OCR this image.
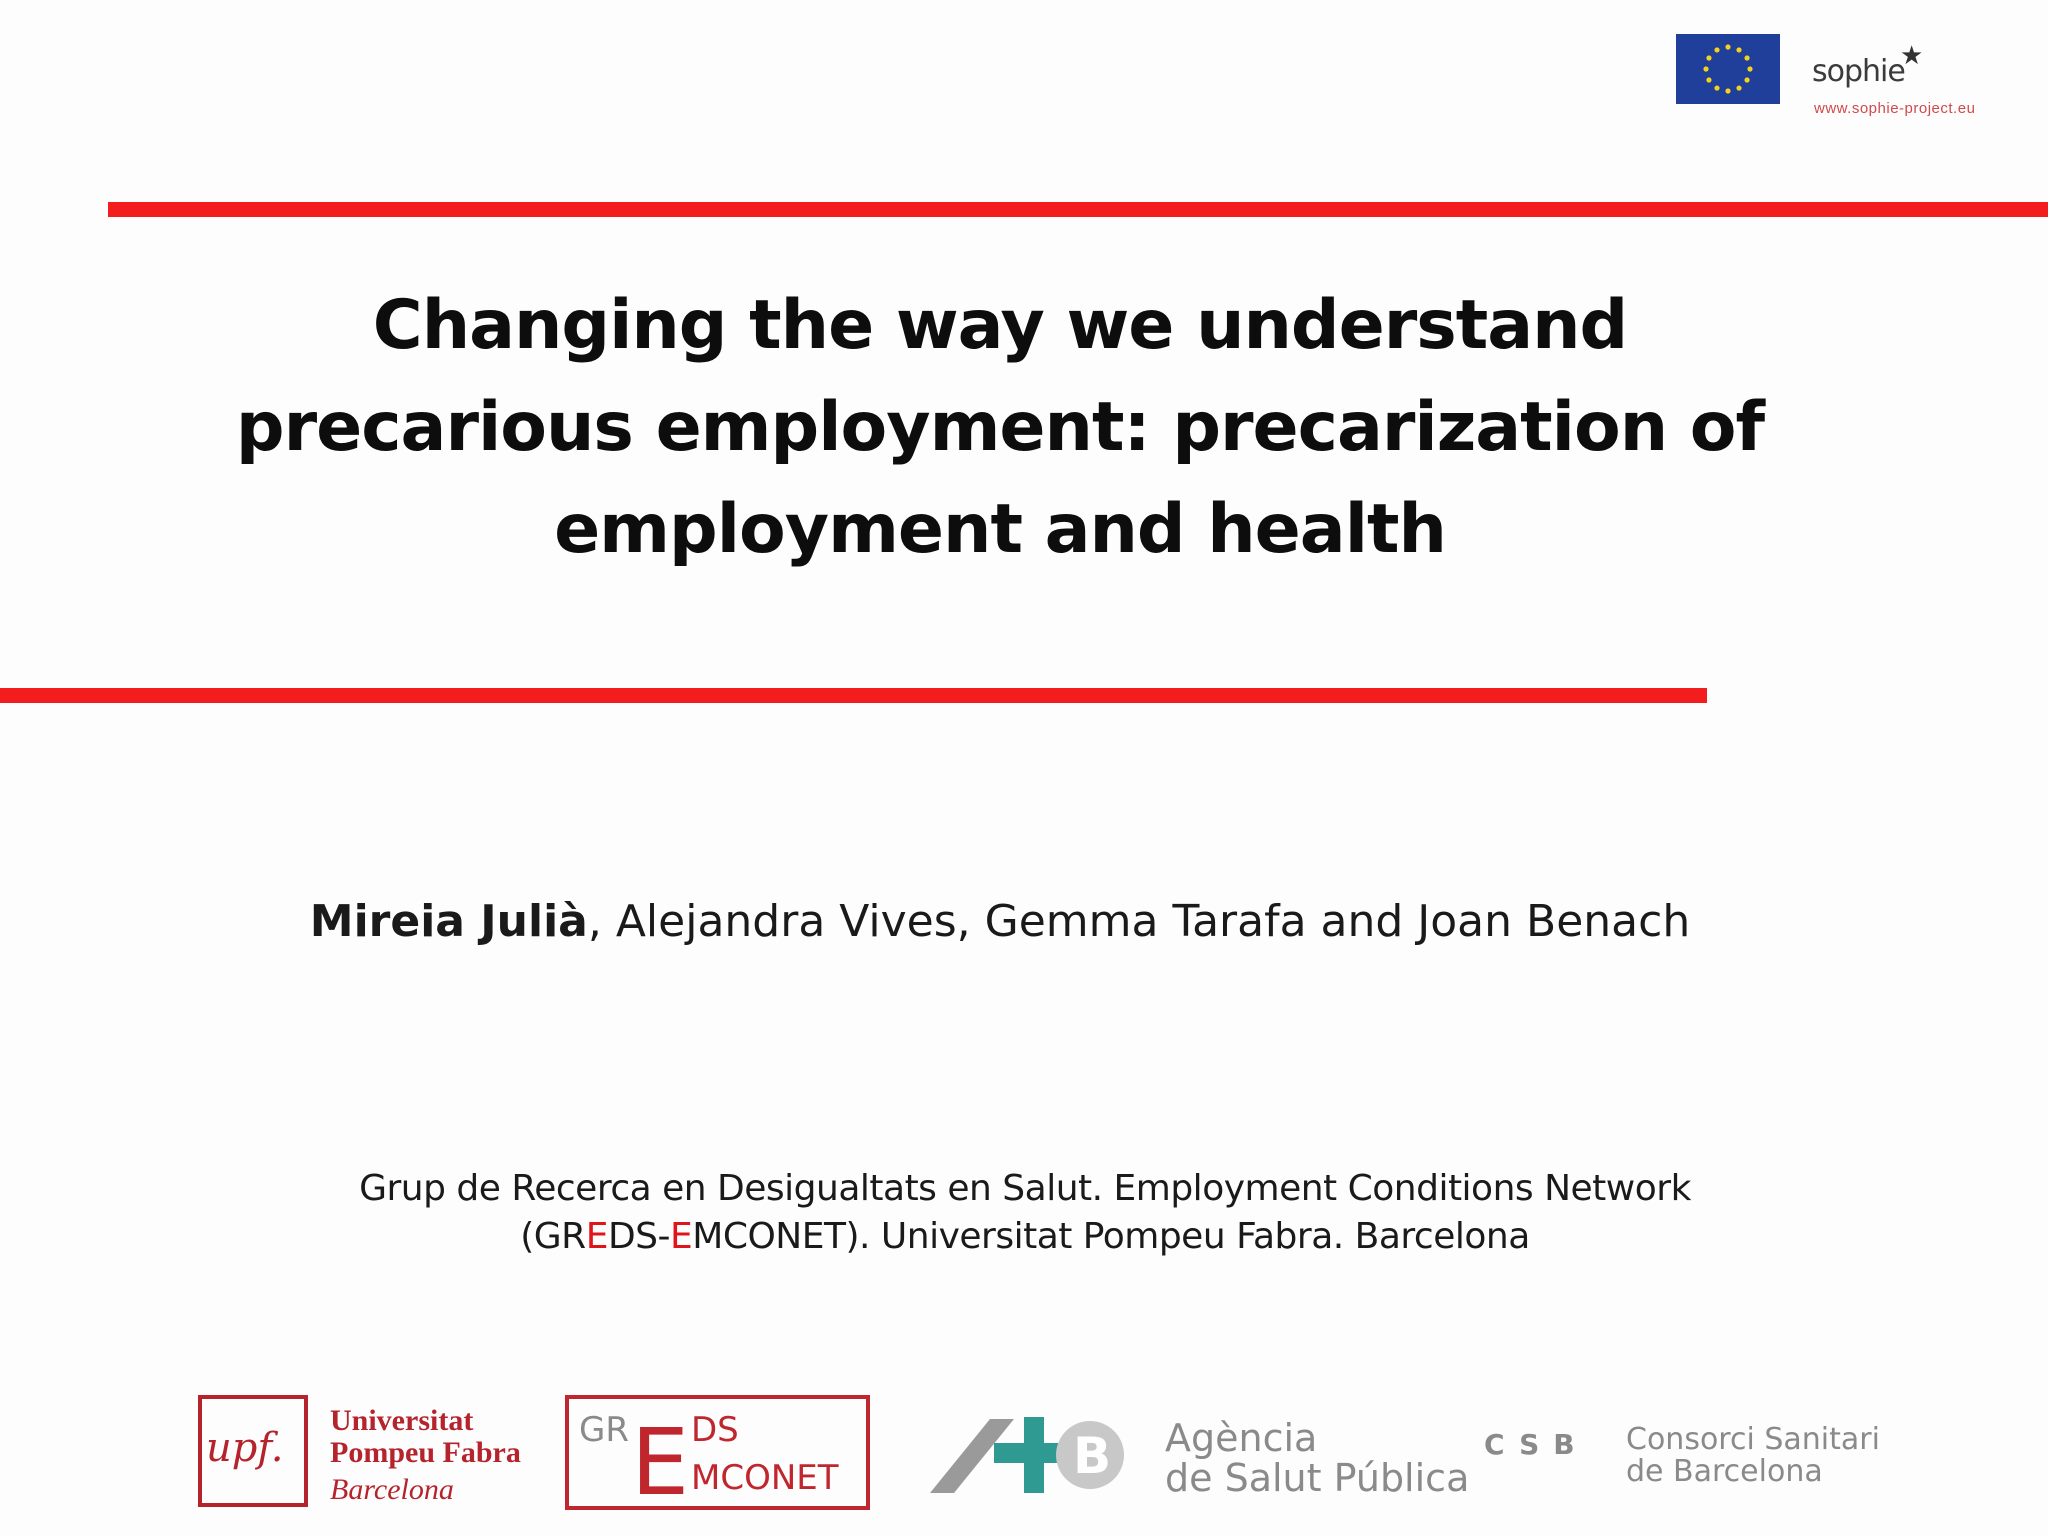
sophie
★
www.sophie-project.eu
Changing the way we understand
precarious employment: precarization of
employment and health
Mireia Julià, Alejandra Vives, Gemma Tarafa and Joan Benach
Grup de Recerca en Desigualtats en Salut. Employment Conditions Network
(GREDS-EMCONET). Universitat Pompeu Fabra. Barcelona
upf.
Universitat
Pompeu Fabra
Barcelona
GR E DS
MCONET	B Agència
de Salut Pública
CSB Consorci Sanitari
de Barcelona
